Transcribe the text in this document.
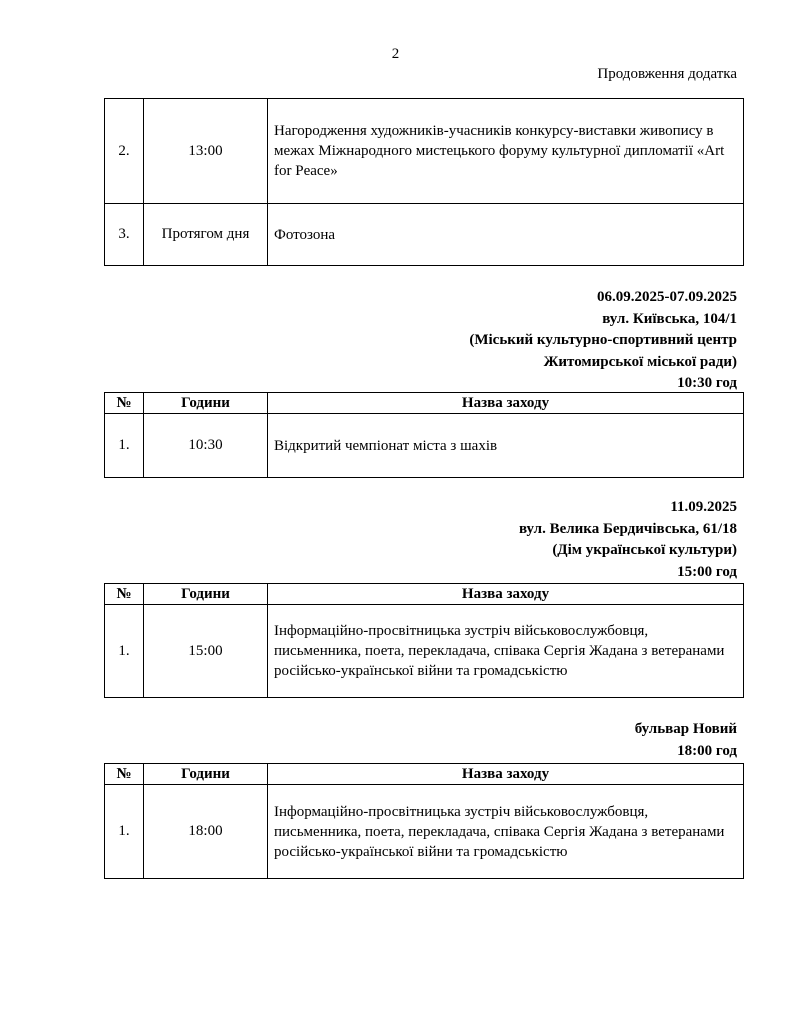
2
Продовження додатка
2.	13:00	Нагородження художників-учасників конкурсу-виставки живопису в межах Міжнародного мистецького форуму культурної дипломатії «Art for Peace»
3.	Протягом дня	Фотозона
06.09.2025-07.09.2025
вул. Київська, 104/1
(Міський культурно-спортивний центр
Житомирської міської ради)
10:30 год
№	Години	Назва заходу
1.	10:30	Відкритий чемпіонат міста з шахів
11.09.2025
вул. Велика Бердичівська, 61/18
(Дім української культури)
15:00 год
№	Години	Назва заходу
1.	15:00	Інформаційно-просвітницька зустріч військовослужбовця, письменника, поета, перекладача, співака Сергія Жадана з ветеранами російсько-української війни та громадськістю
бульвар Новий
18:00 год
№	Години	Назва заходу
1.	18:00	Інформаційно-просвітницька зустріч військовослужбовця, письменника, поета, перекладача, співака Сергія Жадана з ветеранами російсько-української війни та громадськістю
